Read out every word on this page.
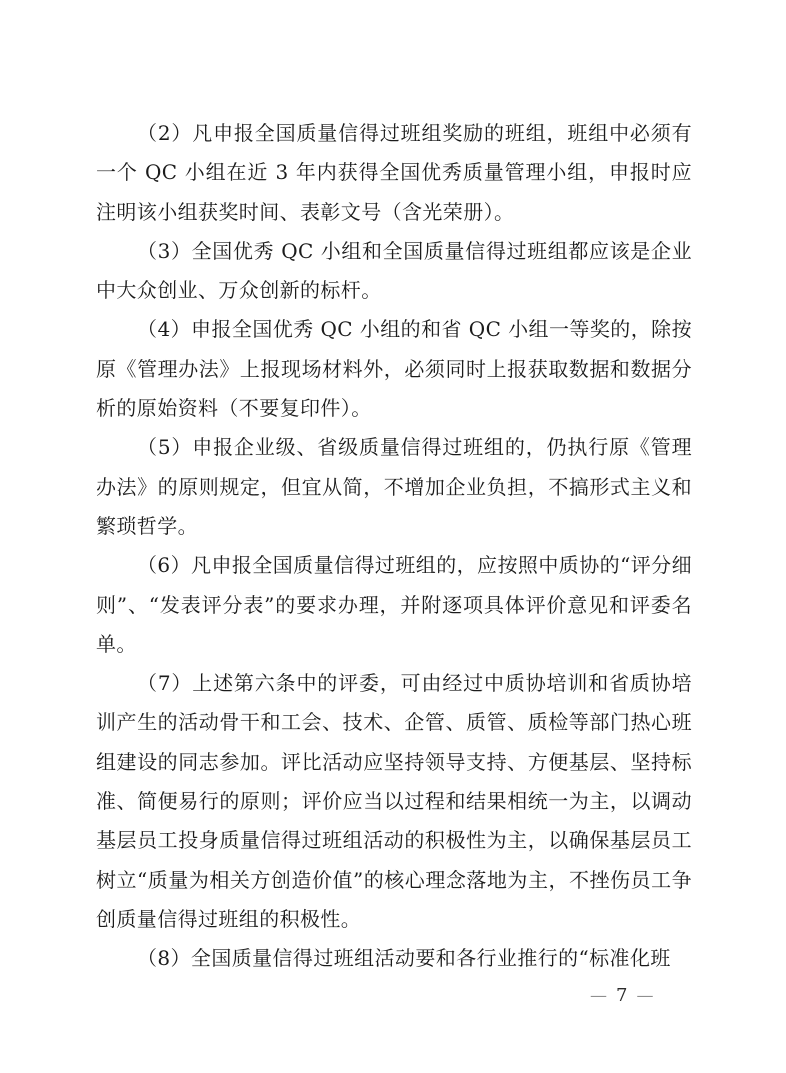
（2）凡申报全国质量信得过班组奖励的班组，班组中必须有一个 QC 小组在近 3 年内获得全国优秀质量管理小组，申报时应注明该小组获奖时间、表彰文号（含光荣册）。

（3）全国优秀 QC 小组和全国质量信得过班组都应该是企业中大众创业、万众创新的标杆。

（4）申报全国优秀 QC 小组的和省 QC 小组一等奖的，除按原《管理办法》上报现场材料外，必须同时上报获取数据和数据分析的原始资料（不要复印件）。

（5）申报企业级、省级质量信得过班组的，仍执行原《管理办法》的原则规定，但宜从简，不增加企业负担，不搞形式主义和繁琐哲学。

（6）凡申报全国质量信得过班组的，应按照中质协的“评分细则”、“发表评分表”的要求办理，并附逐项具体评价意见和评委名单。

（7）上述第六条中的评委，可由经过中质协培训和省质协培训产生的活动骨干和工会、技术、企管、质管、质检等部门热心班组建设的同志参加。评比活动应坚持领导支持、方便基层、坚持标准、简便易行的原则；评价应当以过程和结果相统一为主，以调动基层员工投身质量信得过班组活动的积极性为主，以确保基层员工树立“质量为相关方创造价值”的核心理念落地为主，不挫伤员工争创质量信得过班组的积极性。

（8）全国质量信得过班组活动要和各行业推行的“标准化班

— 7 —
